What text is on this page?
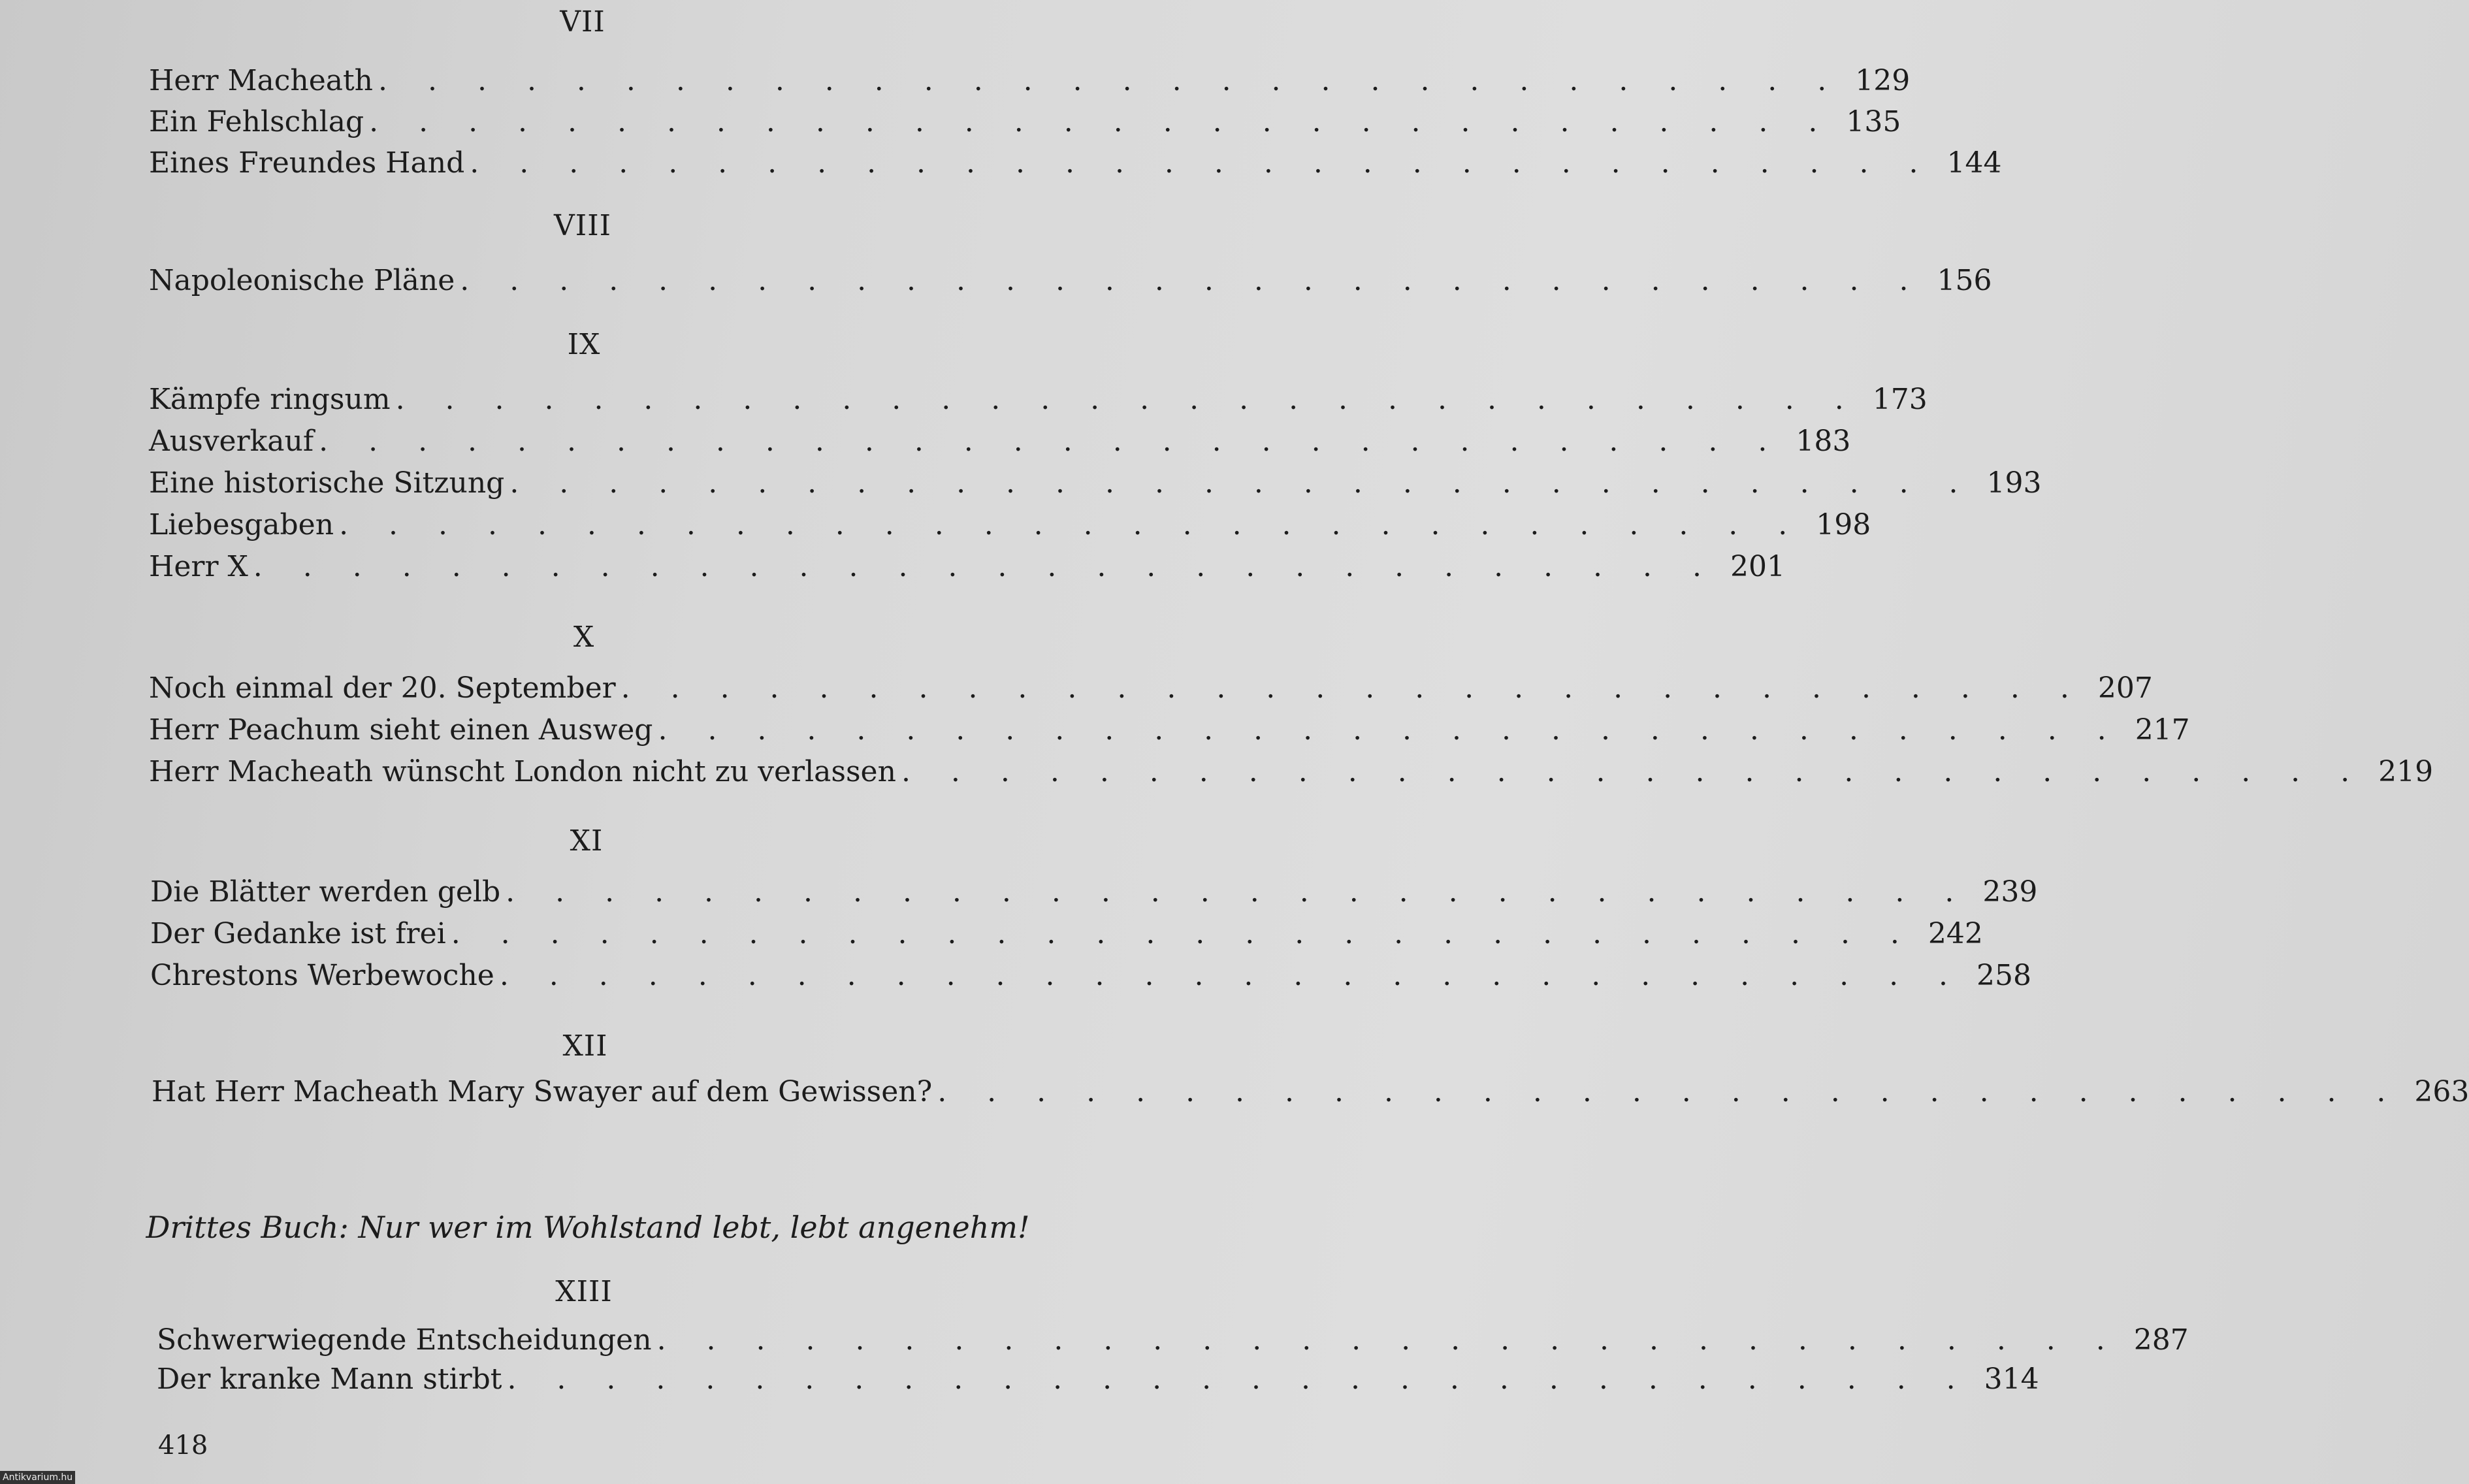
VII
Herr Macheath . . . . . . . . . . . . . . . . . . . . . . . . . . . . . . 129
Ein Fehlschlag . . . . . . . . . . . . . . . . . . . . . . . . . . . . . . 135
Eines Freundes Hand . . . . . . . . . . . . . . . . . . . . . . . . . . . . . . 144
VIII
Napoleonische Pläne . . . . . . . . . . . . . . . . . . . . . . . . . . . . . . 156
IX
Kämpfe ringsum . . . . . . . . . . . . . . . . . . . . . . . . . . . . . . 173
Ausverkauf . . . . . . . . . . . . . . . . . . . . . . . . . . . . . . 183
Eine historische Sitzung . . . . . . . . . . . . . . . . . . . . . . . . . . . . . . 193
Liebesgaben . . . . . . . . . . . . . . . . . . . . . . . . . . . . . . 198
Herr X . . . . . . . . . . . . . . . . . . . . . . . . . . . . . . 201
X
Noch einmal der 20. September . . . . . . . . . . . . . . . . . . . . . . . . . . . . . . 207
Herr Peachum sieht einen Ausweg . . . . . . . . . . . . . . . . . . . . . . . . . . . . . . 217
Herr Macheath wünscht London nicht zu verlassen . . . . . . . . . . . . . . . . . . . . . . . . . . . . . . 219
XI
Die Blätter werden gelb . . . . . . . . . . . . . . . . . . . . . . . . . . . . . . 239
Der Gedanke ist frei . . . . . . . . . . . . . . . . . . . . . . . . . . . . . . 242
Chrestons Werbewoche . . . . . . . . . . . . . . . . . . . . . . . . . . . . . . 258
XII
Hat Herr Macheath Mary Swayer auf dem Gewissen? . . . . . . . . . . . . . . . . . . . . . . . . . . . . . . 263
Drittes Buch: Nur wer im Wohlstand lebt, lebt angenehm!
XIII
Schwerwiegende Entscheidungen . . . . . . . . . . . . . . . . . . . . . . . . . . . . . . 287
Der kranke Mann stirbt . . . . . . . . . . . . . . . . . . . . . . . . . . . . . . 314
418
Antikvarium.hu
